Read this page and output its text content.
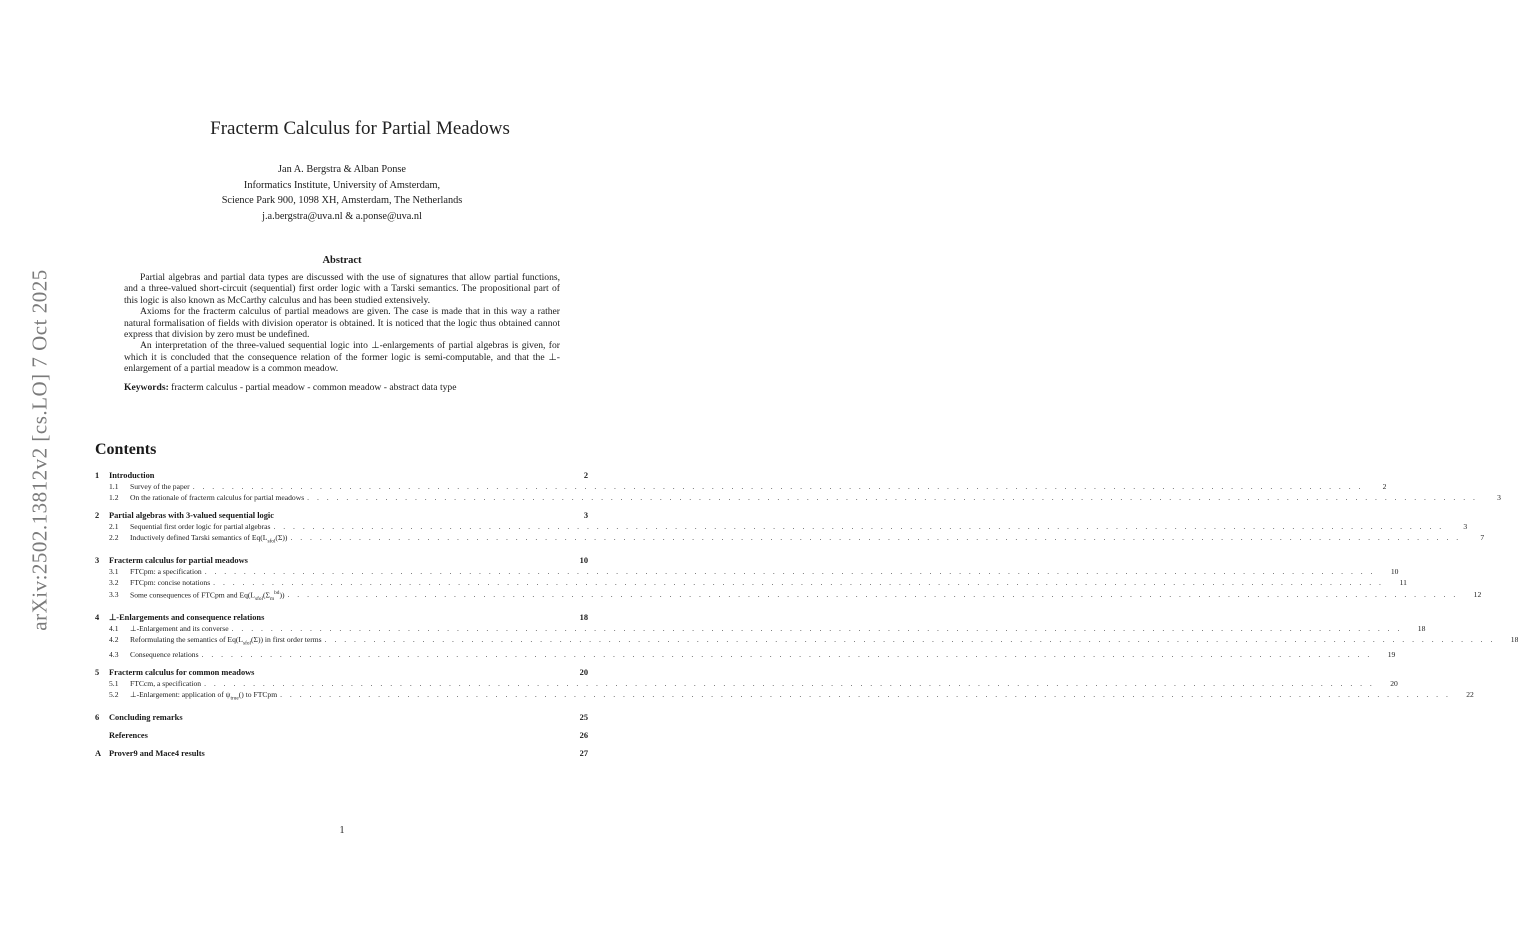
arXiv:2502.13812v2 [cs.LO] 7 Oct 2025
Fracterm Calculus for Partial Meadows
Jan A. Bergstra & Alban Ponse
Informatics Institute, University of Amsterdam,
Science Park 900, 1098 XH, Amsterdam, The Netherlands
j.a.bergstra@uva.nl & a.ponse@uva.nl
Abstract

Partial algebras and partial data types are discussed with the use of signatures that allow partial functions, and a three-valued short-circuit (sequential) first order logic with a Tarski semantics. The propositional part of this logic is also known as McCarthy calculus and has been studied extensively.

Axioms for the fracterm calculus of partial meadows are given. The case is made that in this way a rather natural formalisation of fields with division operator is obtained. It is noticed that the logic thus obtained cannot express that division by zero must be undefined.

An interpretation of the three-valued sequential logic into ⊥-enlargements of partial algebras is given, for which it is concluded that the consequence relation of the former logic is semi-computable, and that the ⊥-enlargement of a partial meadow is a common meadow.

Keywords: fracterm calculus - partial meadow - common meadow - abstract data type

Contents
1	Introduction	2
1.1	Survey of the paper . . . . . . . . . . . . . . . . . . . . . . . . . . . . . . . . . . . . . . . . . . . . . . . . . . . . . . . . . . . . . . . . . . . . . . . . . . . . . . . . . . . . . . . . . . . . . . . . . . . . . . . . . . . . . . . . . . . . . . . .	2
1.2	On the rationale of fracterm calculus for partial meadows . . . . . . . . . . . . . . . . . . . . . . . . . . . . . . . . . . . . . . . . . . . . . . . . . . . . . . . . . . . . . . . . . . . . . . . . . . . . . . . . . . . . . . . . . . . . . . . . . . . . . . . . . . . . . . . . . . . . . . . .	3
2	Partial algebras with 3-valued sequential logic	3
2.1	Sequential first order logic for partial algebras . . . . . . . . . . . . . . . . . . . . . . . . . . . . . . . . . . . . . . . . . . . . . . . . . . . . . . . . . . . . . . . . . . . . . . . . . . . . . . . . . . . . . . . . . . . . . . . . . . . . . . . . . . . . . . . . . . . . . . . .	3
2.2	Inductively defined Tarski semantics of $Eq(L_{sfol}(\Sigma))$ . . . . . . . . . . . . . . . . . . . . . . . . . . . . . . . . . . . . . . . . . . . . . . . . . . . . . . . . . . . . . . . . . . . . . . . . . . . . . . . . . . . . . . . . . . . . . . . . . . . . . . . . . . . . . . . . . . . . . . . .	7
3	Fracterm calculus for partial meadows	10
3.1	FTCpm: a specification . . . . . . . . . . . . . . . . . . . . . . . . . . . . . . . . . . . . . . . . . . . . . . . . . . . . . . . . . . . . . . . . . . . . . . . . . . . . . . . . . . . . . . . . . . . . . . . . . . . . . . . . . . . . . . . . . . . . . . . .	10
3.2	FTCpm: concise notations . . . . . . . . . . . . . . . . . . . . . . . . . . . . . . . . . . . . . . . . . . . . . . . . . . . . . . . . . . . . . . . . . . . . . . . . . . . . . . . . . . . . . . . . . . . . . . . . . . . . . . . . . . . . . . . . . . . . . . . .	11
3.3	Some consequences of FTCpm and $Eq(L_{sfol}(\Sigma_m^{bd}))$ . . . . . . . . . . . . . . . . . . . . . . . . . . . . . . . . . . . . . . . . . . . . . . . . . . . . . . . . . . . . . . . . . . . . . . . . . . . . . . . . . . . . . . . . . . . . . . . . . . . . . . . . . . . . . . . . . . . . . . . .	12
4	⊥-Enlargements and consequence relations	18
4.1	⊥-Enlargement and its converse . . . . . . . . . . . . . . . . . . . . . . . . . . . . . . . . . . . . . . . . . . . . . . . . . . . . . . . . . . . . . . . . . . . . . . . . . . . . . . . . . . . . . . . . . . . . . . . . . . . . . . . . . . . . . . . . . . . . . . . .	18
4.2	Reformulating the semantics of $Eq(L_{sfol}(\Sigma))$ in first order terms . . . . . . . . . . . . . . . . . . . . . . . . . . . . . . . . . . . . . . . . . . . . . . . . . . . . . . . . . . . . . . . . . . . . . . . . . . . . . . . . . . . . . . . . . . . . . . . . . . . . . . . . . . . . . . . . . . . . . . . .	18
4.3	Consequence relations . . . . . . . . . . . . . . . . . . . . . . . . . . . . . . . . . . . . . . . . . . . . . . . . . . . . . . . . . . . . . . . . . . . . . . . . . . . . . . . . . . . . . . . . . . . . . . . . . . . . . . . . . . . . . . . . . . . . . . . .	19
5	Fracterm calculus for common meadows	20
5.1	FTCcm, a specification . . . . . . . . . . . . . . . . . . . . . . . . . . . . . . . . . . . . . . . . . . . . . . . . . . . . . . . . . . . . . . . . . . . . . . . . . . . . . . . . . . . . . . . . . . . . . . . . . . . . . . . . . . . . . . . . . . . . . . . .	20
5.2	⊥-Enlargement: application of $\psi_{true}()$ to FTCpm . . . . . . . . . . . . . . . . . . . . . . . . . . . . . . . . . . . . . . . . . . . . . . . . . . . . . . . . . . . . . . . . . . . . . . . . . . . . . . . . . . . . . . . . . . . . . . . . . . . . . . . . . . . . . . . . . . . . . . . .	22
6	Concluding remarks	25
References	26
A Prover9 and Mace4 results	27
1
